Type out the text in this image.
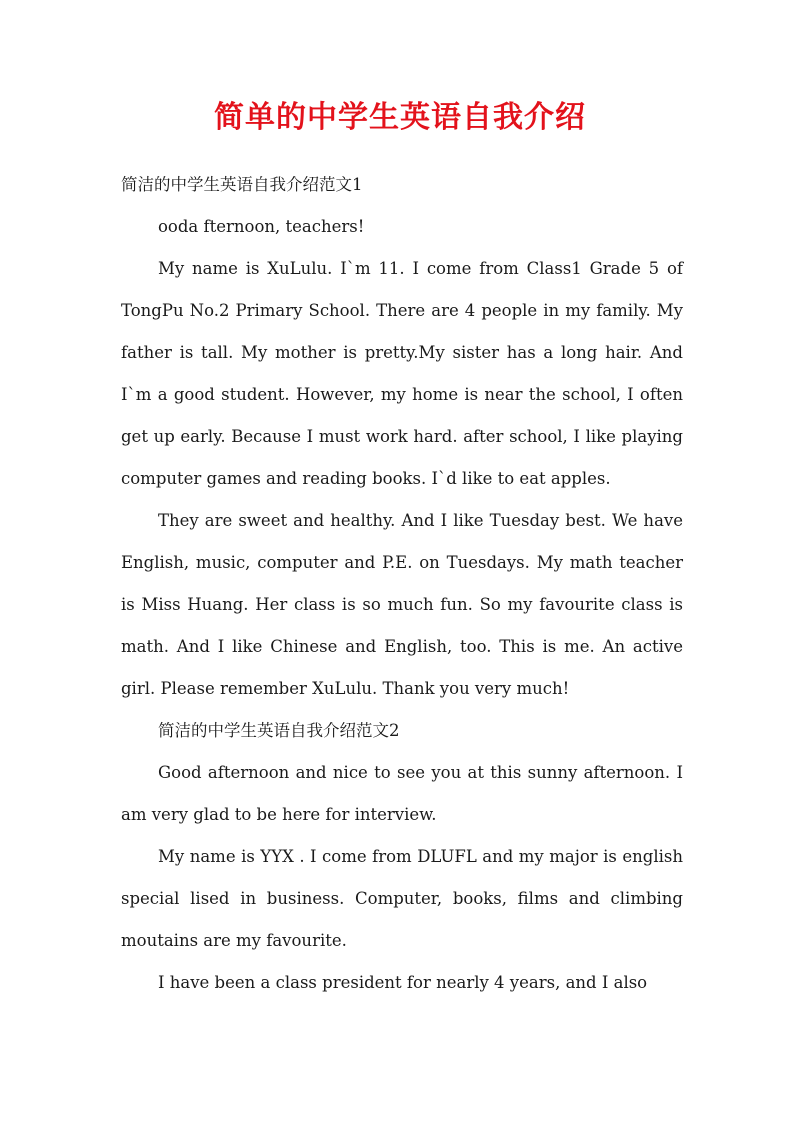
简单的中学生英语自我介绍

简洁的中学生英语自我介绍范文1

ooda fternoon, teachers!

My name is XuLulu. I`m 11. I come from Class1 Grade 5 of TongPu No.2 Primary School. There are 4 people in my family. My father is tall. My mother is pretty.My sister has a long hair. And I`m a good student. However, my home is near the school, I often get up early. Because I must work hard. after school, I like playing computer games and reading books. I`d like to eat apples.

They are sweet and healthy. And I like Tuesday best. We have English, music, computer and P.E. on Tuesdays. My math teacher is Miss Huang. Her class is so much fun. So my favourite class is math. And I like Chinese and English, too. This is me. An active girl. Please remember XuLulu. Thank you very much!

简洁的中学生英语自我介绍范文2

Good afternoon and nice to see you at this sunny afternoon. I am very glad to be here for interview.

My name is YYX . I come from DLUFL and my major is english special lised in business. Computer, books, films and climbing moutains are my favourite.

I have been a class president for nearly 4 years, and I also
